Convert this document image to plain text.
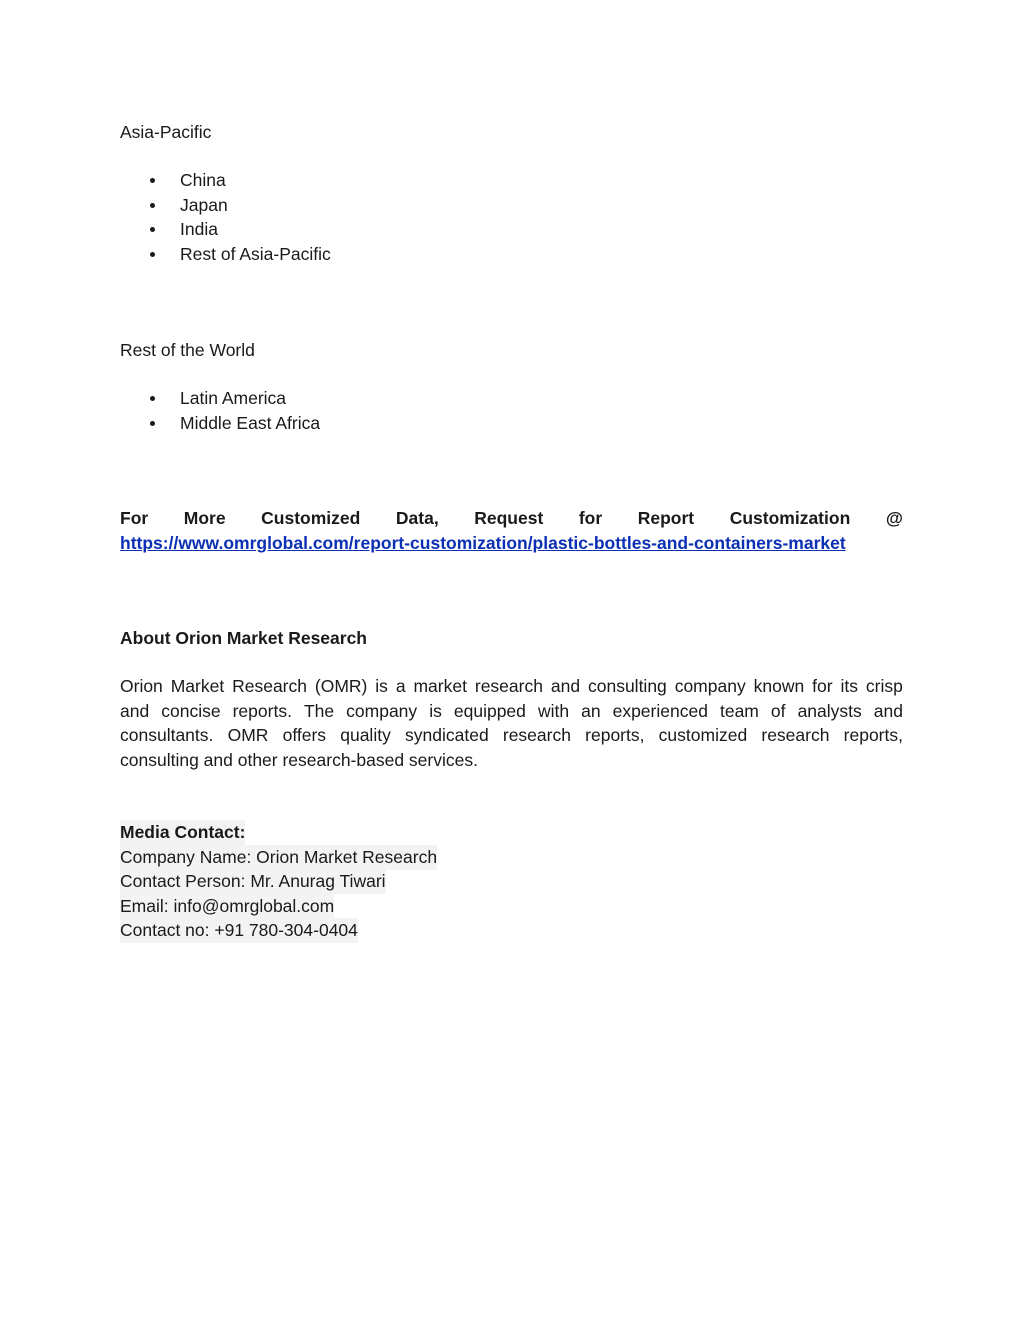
Asia-Pacific
China
Japan
India
Rest of Asia-Pacific
Rest of the World
Latin America
Middle East Africa
For More Customized Data, Request for Report Customization @
https://www.omrglobal.com/report-customization/plastic-bottles-and-containers-market
About Orion Market Research
Orion Market Research (OMR) is a market research and consulting company known for its crisp
and concise reports. The company is equipped with an experienced team of analysts and
consultants. OMR offers quality syndicated research reports, customized research reports,
consulting and other research-based services.
Media Contact:
Company Name: Orion Market Research
Contact Person: Mr. Anurag Tiwari
Email: info@omrglobal.com
Contact no: +91 780-304-0404
